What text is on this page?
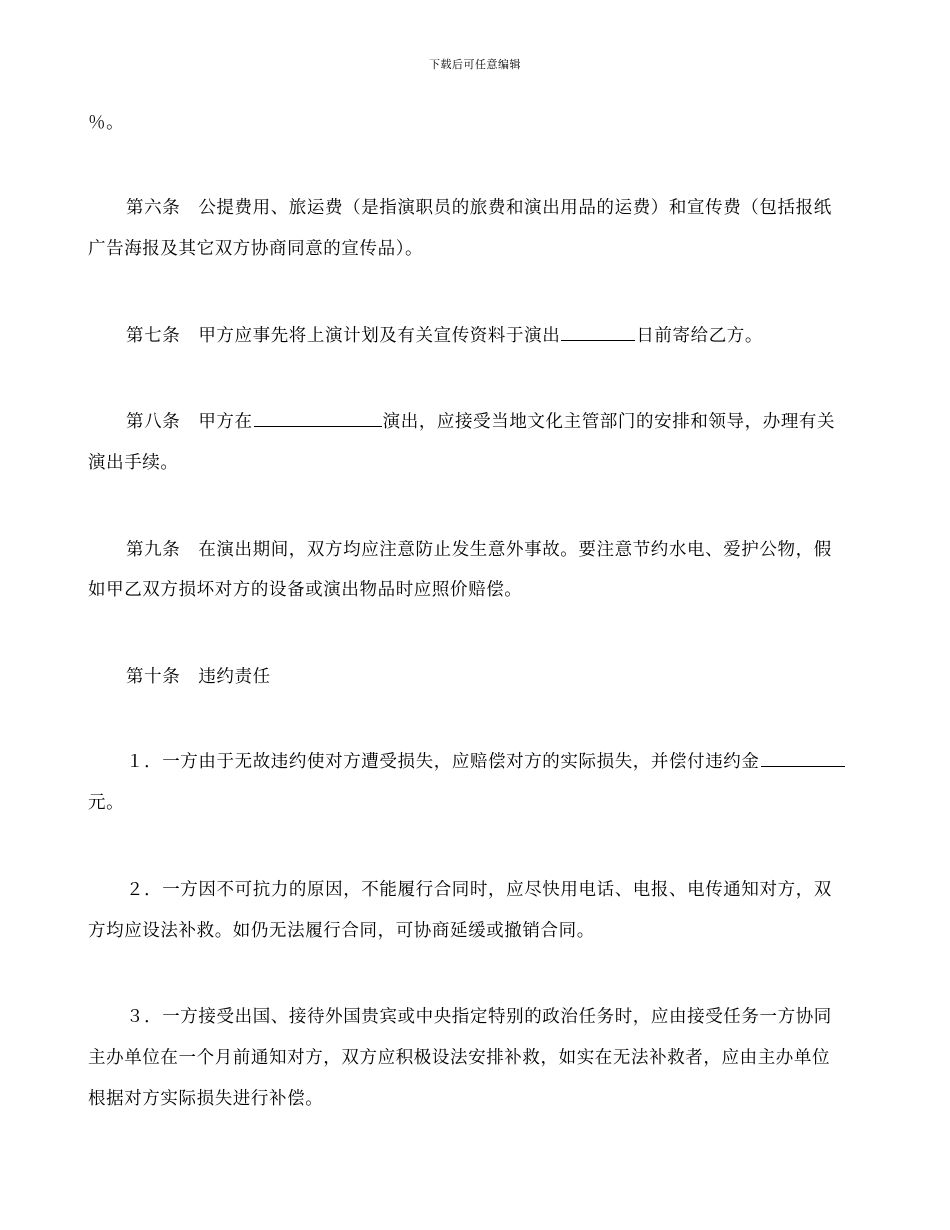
下载后可任意编辑
％。
第六条 公提费用、旅运费（是指演职员的旅费和演出用品的运费）和宣传费（包括报纸
广告海报及其它双方协商同意的宣传品）。
第七条 甲方应事先将上演计划及有关宣传资料于演出	日前寄给乙方。
第八条 甲方在	演出，应接受当地文化主管部门的安排和领导，办理有关
演出手续。
第九条 在演出期间，双方均应注意防止发生意外事故。要注意节约水电、爱护公物，假
如甲乙双方损坏对方的设备或演出物品时应照价赔偿。
第十条 违约责任
１．一方由于无故违约使对方遭受损失，应赔偿对方的实际损失，并偿付违约金
元。
２．一方因不可抗力的原因，不能履行合同时，应尽快用电话、电报、电传通知对方，双
方均应设法补救。如仍无法履行合同，可协商延缓或撤销合同。
３．一方接受出国、接待外国贵宾或中央指定特别的政治任务时，应由接受任务一方协同
主办单位在一个月前通知对方，双方应积极设法安排补救，如实在无法补救者，应由主办单位
根据对方实际损失进行补偿。
